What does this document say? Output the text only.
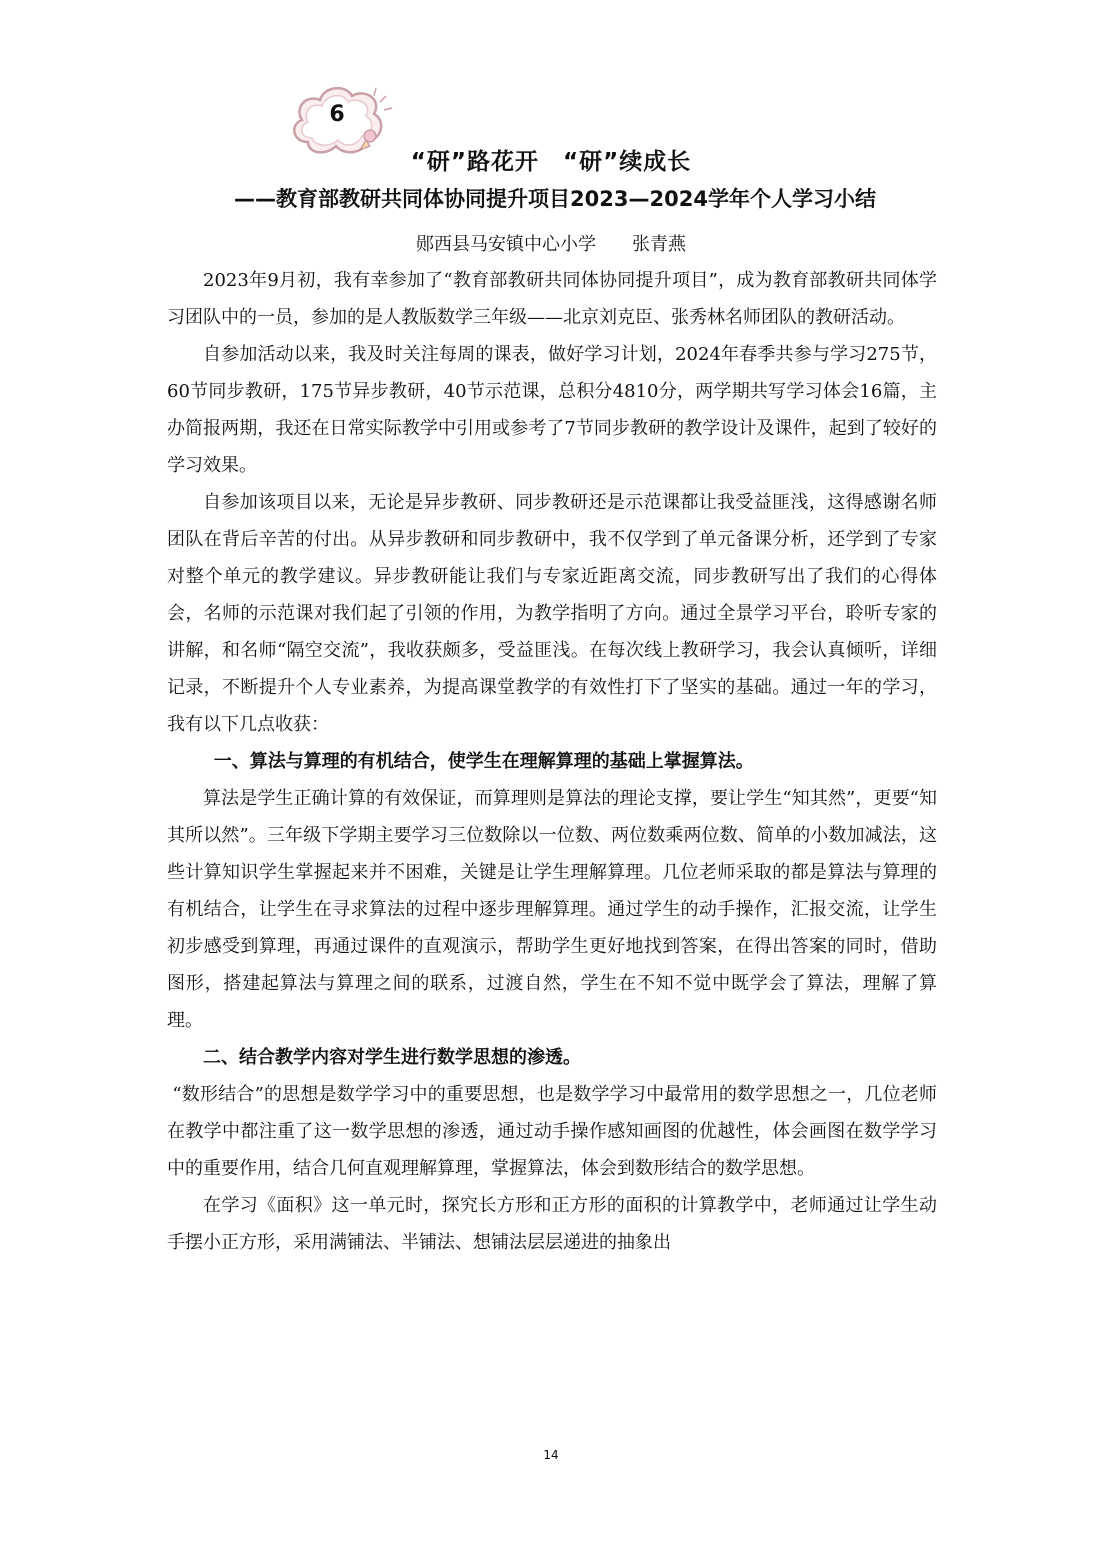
6
“研”路花开　“研”续成长
——教育部教研共同体协同提升项目2023—2024学年个人学习小结
郧西县马安镇中心小学　　张青燕

2023年9月初，我有幸参加了“教育部教研共同体协同提升项目”，成为教育部教研共同体学习团队中的一员，参加的是人教版数学三年级——北京刘克臣、张秀林名师团队的教研活动。

自参加活动以来，我及时关注每周的课表，做好学习计划，2024年春季共参与学习275节，60节同步教研，175节异步教研，40节示范课，总积分4810分，两学期共写学习体会16篇，主办简报两期，我还在日常实际教学中引用或参考了7节同步教研的教学设计及课件，起到了较好的学习效果。

自参加该项目以来，无论是异步教研、同步教研还是示范课都让我受益匪浅，这得感谢名师团队在背后辛苦的付出。从异步教研和同步教研中，我不仅学到了单元备课分析，还学到了专家对整个单元的教学建议。异步教研能让我们与专家近距离交流，同步教研写出了我们的心得体会，名师的示范课对我们起了引领的作用，为教学指明了方向。通过全景学习平台，聆听专家的讲解，和名师“隔空交流”，我收获颇多，受益匪浅。在每次线上教研学习，我会认真倾听，详细记录，不断提升个人专业素养，为提高课堂教学的有效性打下了坚实的基础。通过一年的学习，我有以下几点收获：

一、算法与算理的有机结合，使学生在理解算理的基础上掌握算法。

算法是学生正确计算的有效保证，而算理则是算法的理论支撑，要让学生“知其然”，更要“知其所以然”。三年级下学期主要学习三位数除以一位数、两位数乘两位数、简单的小数加减法，这些计算知识学生掌握起来并不困难，关键是让学生理解算理。几位老师采取的都是算法与算理的有机结合，让学生在寻求算法的过程中逐步理解算理。通过学生的动手操作，汇报交流，让学生初步感受到算理，再通过课件的直观演示，帮助学生更好地找到答案，在得出答案的同时，借助图形，搭建起算法与算理之间的联系，过渡自然，学生在不知不觉中既学会了算法，理解了算理。

二、结合教学内容对学生进行数学思想的渗透。

“数形结合”的思想是数学学习中的重要思想，也是数学学习中最常用的数学思想之一，几位老师在教学中都注重了这一数学思想的渗透，通过动手操作感知画图的优越性，体会画图在数学学习中的重要作用，结合几何直观理解算理，掌握算法，体会到数形结合的数学思想。

在学习《面积》这一单元时，探究长方形和正方形的面积的计算教学中，老师通过让学生动手摆小正方形，采用满铺法、半铺法、想铺法层层递进的抽象出

14
